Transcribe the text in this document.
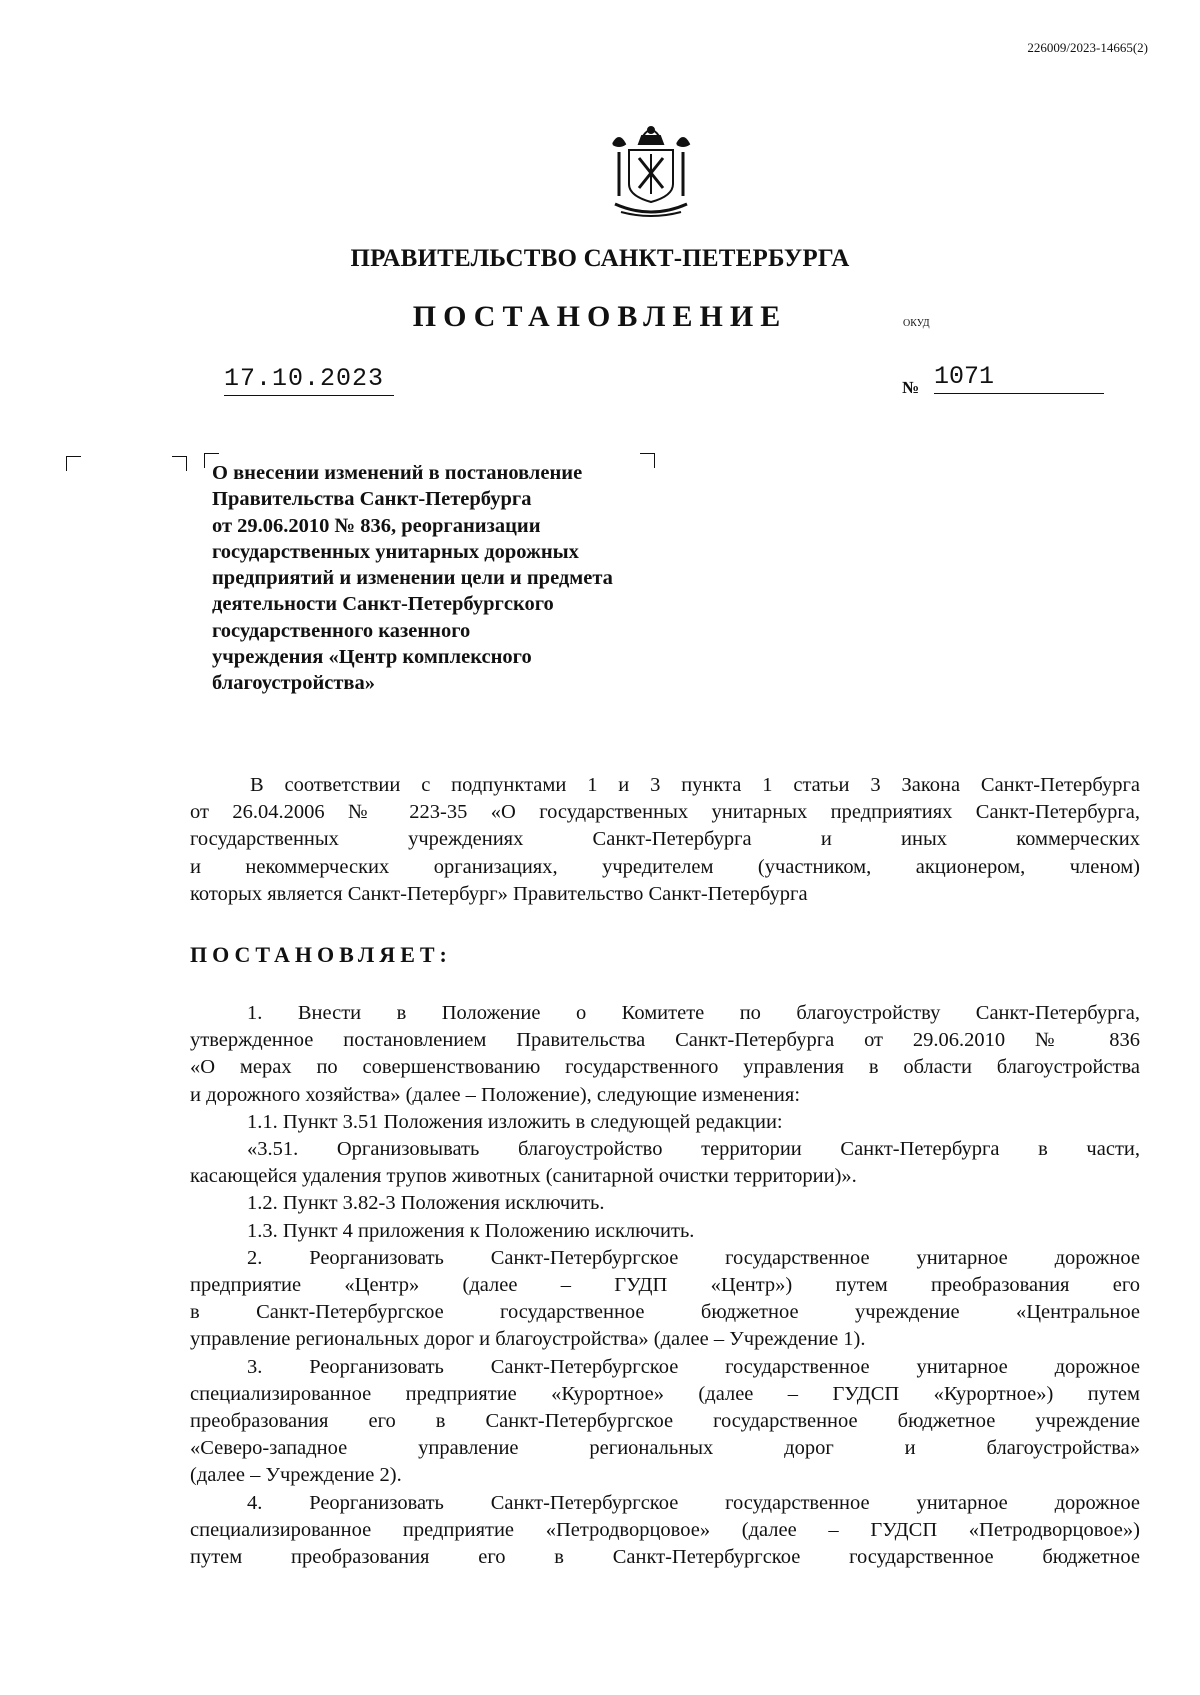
226009/2023-14665(2)
ПРАВИТЕЛЬСТВО САНКТ-ПЕТЕРБУРГА
ПОСТАНОВЛЕНИЕ	ОКУД
17.10.2023	№ 1071
О внесении изменений в постановление
Правительства Санкт-Петербурга
от 29.06.2010 № 836, реорганизации
государственных унитарных дорожных
предприятий и изменении цели и предмета
деятельности Санкт-Петербургского
государственного казенного
учреждения «Центр комплексного
благоустройства»
В соответствии с подпунктами 1 и 3 пункта 1 статьи 3 Закона Санкт-Петербурга
от 26.04.2006 № 223-35 «О государственных унитарных предприятиях Санкт-Петербурга,
государственных учреждениях Санкт-Петербурга и иных коммерческих
и некоммерческих организациях, учредителем (участником, акционером, членом)
которых является Санкт-Петербург» Правительство Санкт-Петербурга
ПОСТАНОВЛЯЕТ:
1. Внести в Положение о Комитете по благоустройству Санкт-Петербурга,
утвержденное постановлением Правительства Санкт-Петербурга от 29.06.2010 № 836
«О мерах по совершенствованию государственного управления в области благоустройства
и дорожного хозяйства» (далее – Положение), следующие изменения:
1.1. Пункт 3.51 Положения изложить в следующей редакции:
«3.51. Организовывать благоустройство территории Санкт-Петербурга в части,
касающейся удаления трупов животных (санитарной очистки территории)».
1.2. Пункт 3.82-3 Положения исключить.
1.3. Пункт 4 приложения к Положению исключить.
2. Реорганизовать Санкт-Петербургское государственное унитарное дорожное
предприятие «Центр» (далее – ГУДП «Центр») путем преобразования его
в Санкт-Петербургское государственное бюджетное учреждение «Центральное
управление региональных дорог и благоустройства» (далее – Учреждение 1).
3. Реорганизовать Санкт-Петербургское государственное унитарное дорожное
специализированное предприятие «Курортное» (далее – ГУДСП «Курортное») путем
преобразования его в Санкт-Петербургское государственное бюджетное учреждение
«Северо-западное управление региональных дорог и благоустройства»
(далее – Учреждение 2).
4. Реорганизовать Санкт-Петербургское государственное унитарное дорожное
специализированное предприятие «Петродворцовое» (далее – ГУДСП «Петродворцовое»)
путем преобразования его в Санкт-Петербургское государственное бюджетное
